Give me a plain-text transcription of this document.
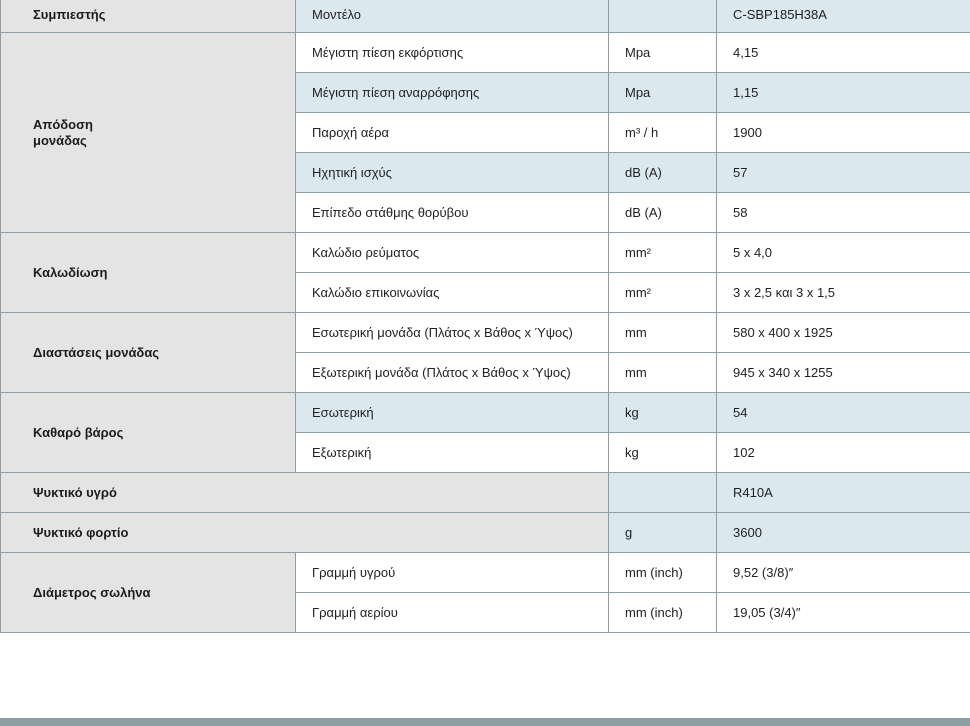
Συμπιεστής	Μοντέλο		C-SBP185H38A
Απόδοση μονάδας	Μέγιστη πίεση εκφόρτισης	Mpa	4,15
	Μέγιστη πίεση αναρρόφησης	Mpa	1,15
	Παροχή αέρα	m³ / h	1900
	Ηχητική ισχύς	dB (A)	57
	Επίπεδο στάθμης θορύβου	dB (A)	58
Καλωδίωση	Καλώδιο ρεύματος	mm²	5 x 4,0
	Καλώδιο επικοινωνίας	mm²	3 x 2,5 και 3 x 1,5
Διαστάσεις μονάδας	Εσωτερική μονάδα (Πλάτος x Βάθος x Ύψος)	mm	580 x 400 x 1925
	Εξωτερική μονάδα (Πλάτος x Βάθος x Ύψος)	mm	945 x 340 x 1255
Καθαρό βάρος	Εσωτερική	kg	54
	Εξωτερική	kg	102
Ψυκτικό υγρό			R410A
Ψυκτικό φορτίο		g	3600
Διάμετρος σωλήνα	Γραμμή υγρού	mm (inch)	9,52 (3/8)″
	Γραμμή αερίου	mm (inch)	19,05 (3/4)″
